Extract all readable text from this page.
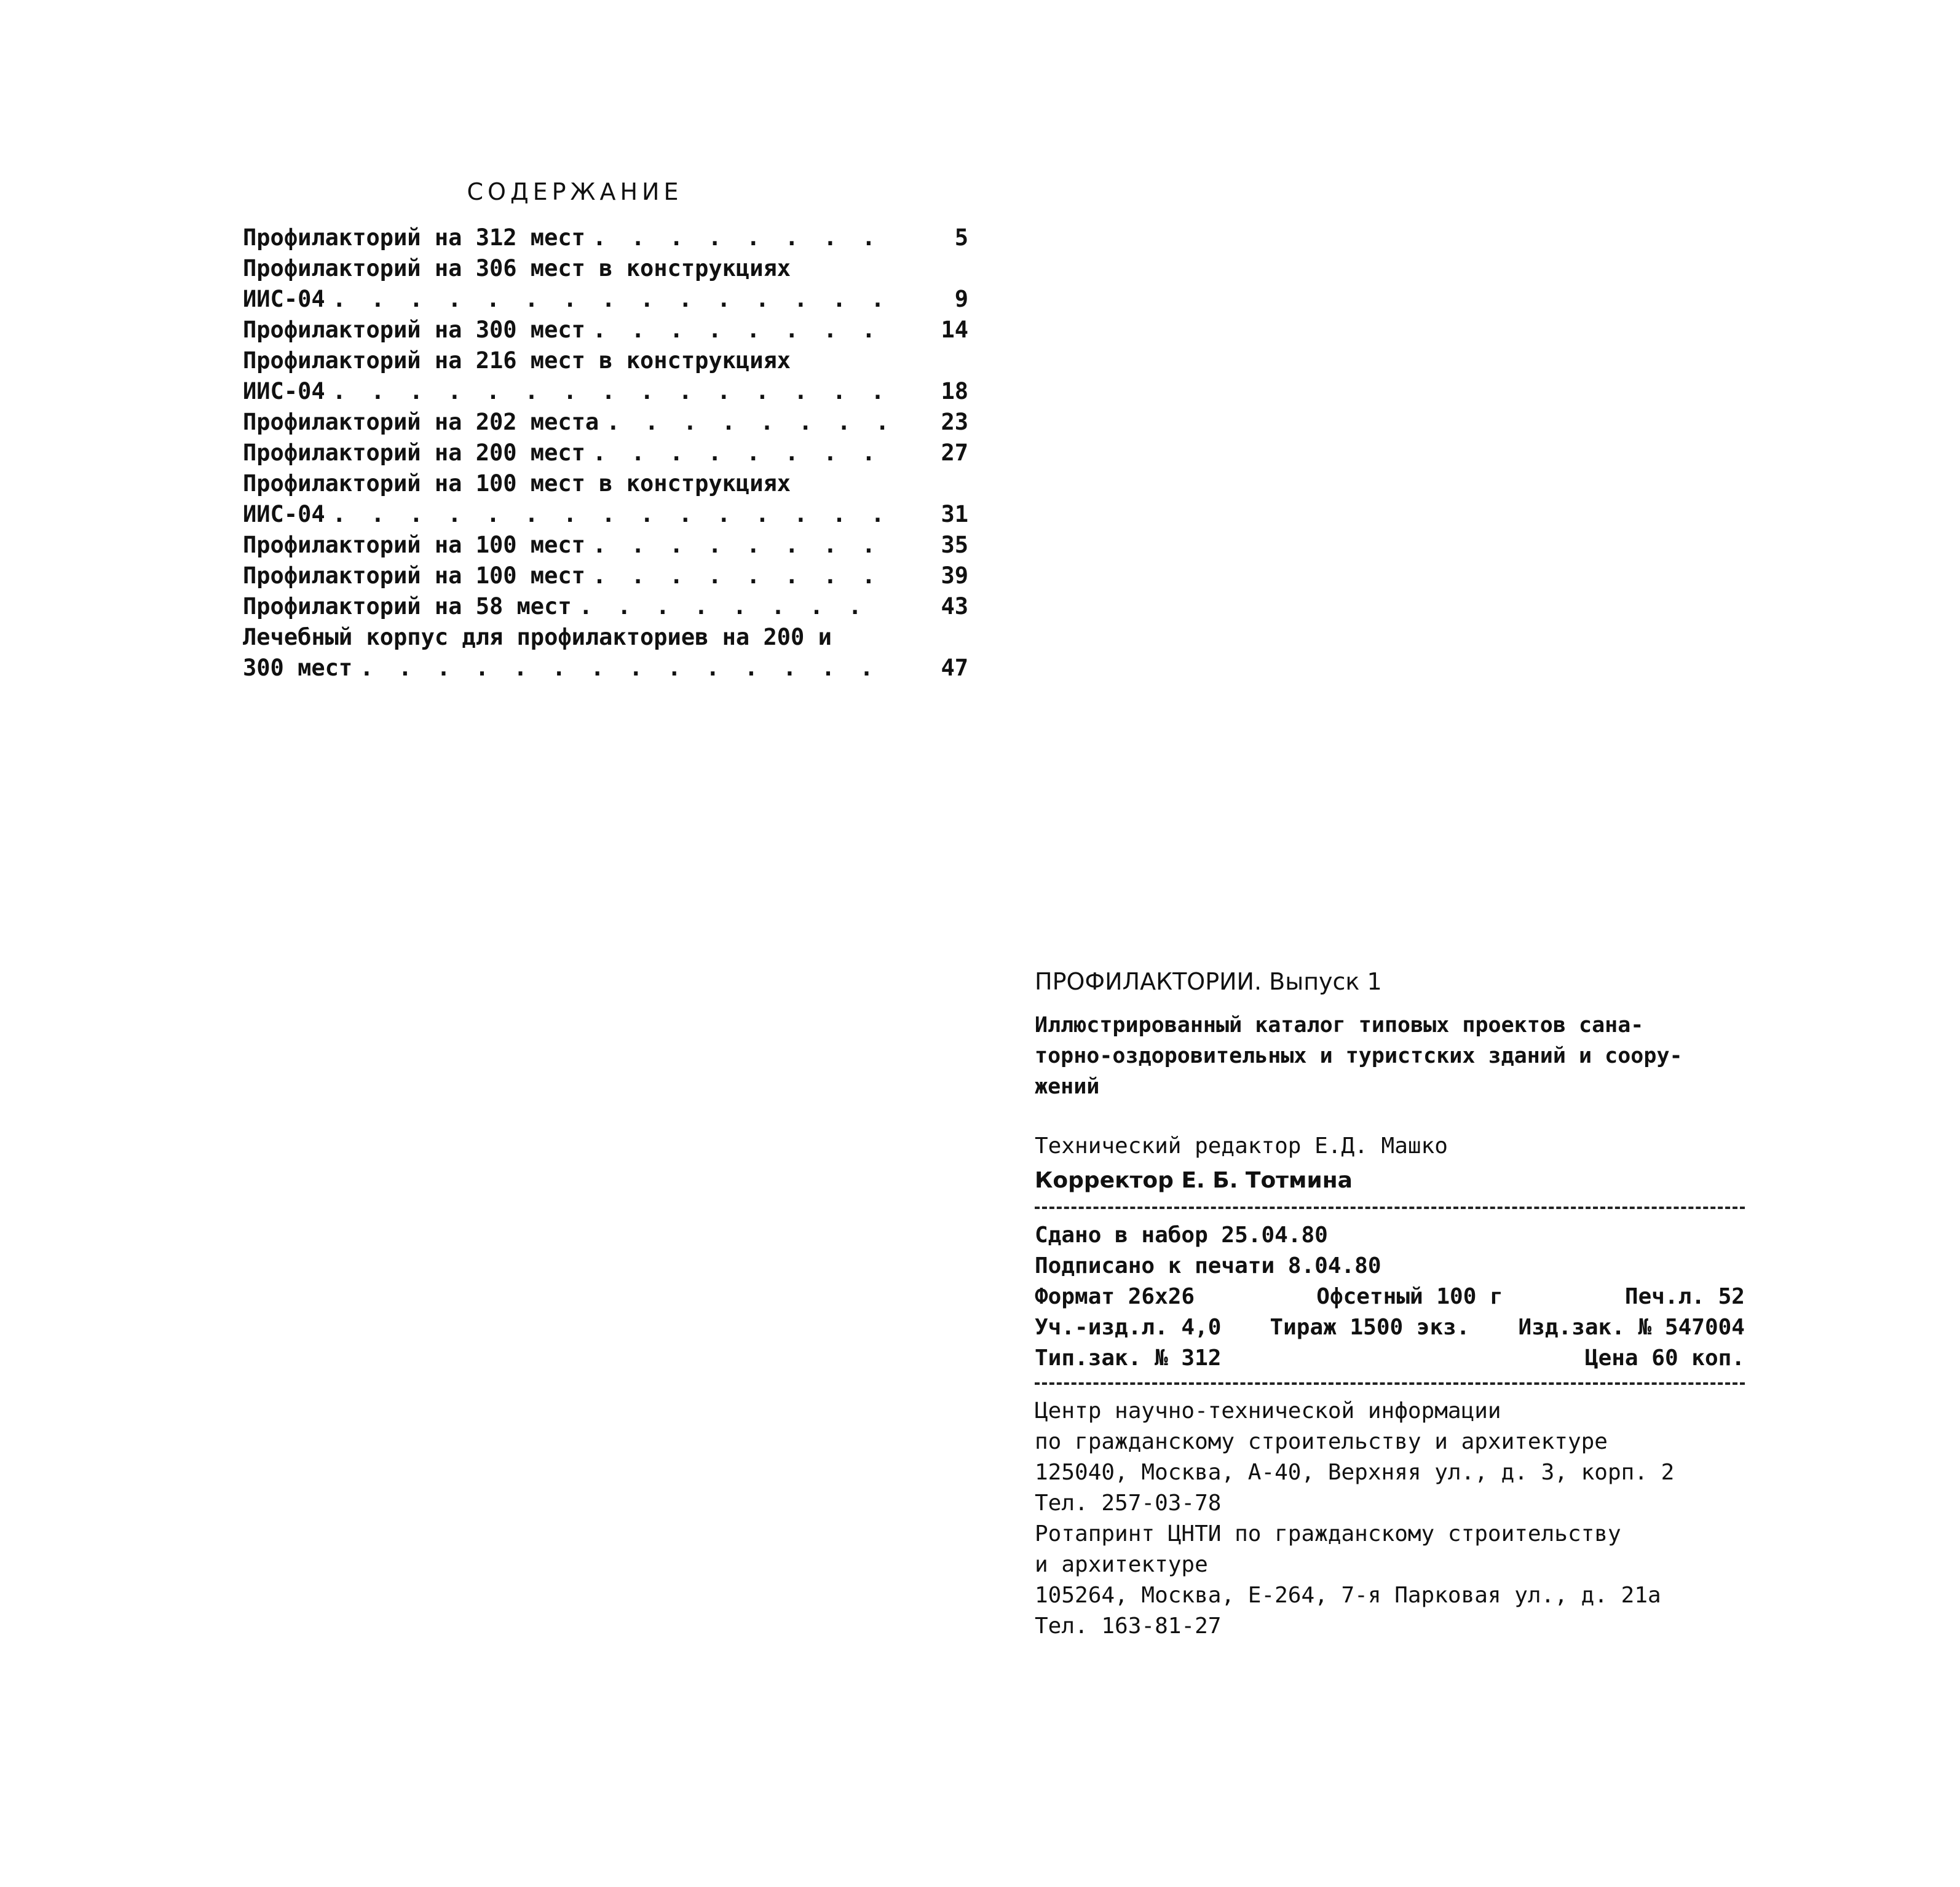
СОДЕРЖАНИЕ
Профилакторий на 312 мест . . .	5
Профилакторий на 306 мест в конструкциях
ИИС-04 . . .	9
Профилакторий на 300 мест . . .	14
Профилакторий на 216 мест в конструкциях
ИИС-04 . . .	18
Профилакторий на 202 места . . .	23
Профилакторий на 200 мест . . .	27
Профилакторий на 100 мест в конструкциях
ИИС-04 . . .	31
Профилакторий на 100 мест . . .	35
Профилакторий на 100 мест . . .	39
Профилакторий на 58 мест . . .	43
Лечебный корпус для профилакториев на 200 и
300 мест . . .	47
ПРОФИЛАКТОРИИ. Выпуск 1
Иллюстрированный каталог типовых проектов сана-
торно-оздоровительных и туристских зданий и соору-
жений
Технический редактор Е.Д. Машко
Корректор Е. Б. Тотмина
Сдано в набор 25.04.80
Подписано к печати 8.04.80
Формат 26х26	Офсетный 100 г	Печ.л. 52
Уч.-изд.л. 4,0 Тираж 1500 экз. Изд.зак. № 547004
Тип.зак. № 312	Цена 60 коп.
Центр научно-технической информации
по гражданскому строительству и архитектуре
125040, Москва, А-40, Верхняя ул., д. 3, корп. 2
Тел. 257-03-78
Ротапринт ЦНТИ по гражданскому строительству
и архитектуре
105264, Москва, Е-264, 7-я Парковая ул., д. 21а
Тел. 163-81-27
